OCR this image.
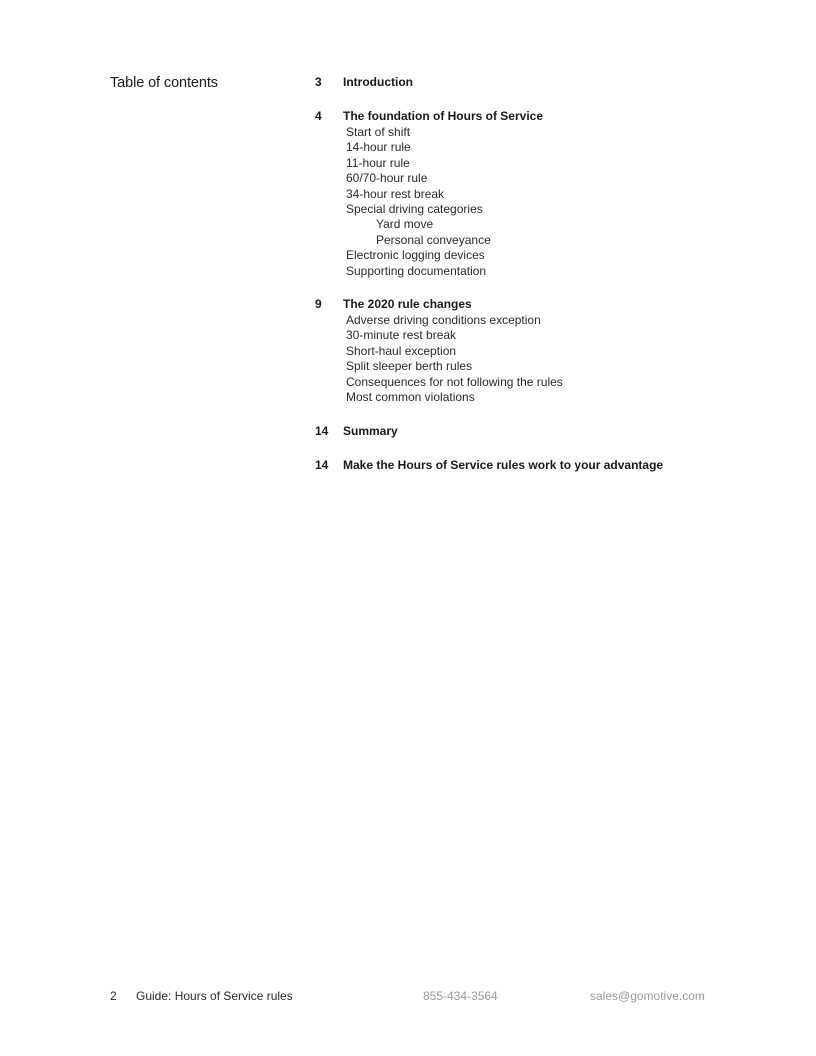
Table of contents	3	Introduction
4	The foundation of Hours of Service
Start of shift
14-hour rule
11-hour rule
60/70-hour rule
34-hour rest break
Special driving categories
Yard move
Personal conveyance
Electronic logging devices
Supporting documentation
9	The 2020 rule changes
Adverse driving conditions exception
30-minute rest break
Short-haul exception
Split sleeper berth rules
Consequences for not following the rules
Most common violations
14	Summary
14	Make the Hours of Service rules work to your advantage
2 Guide: Hours of Service rules	855-434-3564	sales@gomotive.com
